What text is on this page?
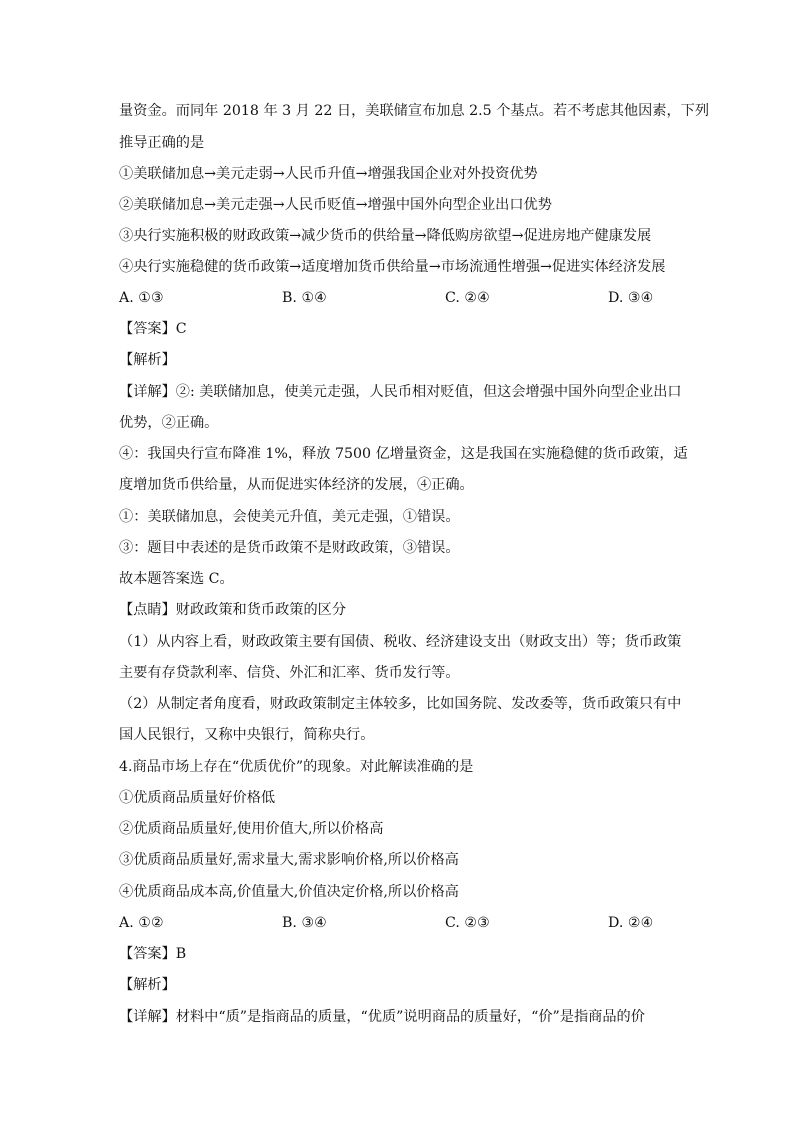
量资金。而同年 2018 年 3 月 22 日，美联储宣布加息 2.5 个基点。若不考虑其他因素，下列
推导正确的是
①美联储加息→美元走弱→人民币升值→增强我国企业对外投资优势
②美联储加息→美元走强→人民币贬值→增强中国外向型企业出口优势
③央行实施积极的财政政策→减少货币的供给量→降低购房欲望→促进房地产健康发展
④央行实施稳健的货币政策→适度增加货币供给量→市场流通性增强→促进实体经济发展
A. ①③	B. ①④	C. ②④	D. ③④
【答案】C
【解析】
【详解】②: 美联储加息，使美元走强，人民币相对贬值，但这会增强中国外向型企业出口
优势，②正确。
④：我国央行宣布降准 1%，释放 7500 亿增量资金，这是我国在实施稳健的货币政策，适
度增加货币供给量，从而促进实体经济的发展，④正确。
①：美联储加息，会使美元升值，美元走强，①错误。
③：题目中表述的是货币政策不是财政政策，③错误。
故本题答案选 C。
【点睛】财政政策和货币政策的区分
（1）从内容上看，财政政策主要有国债、税收、经济建设支出（财政支出）等；货币政策
主要有存贷款利率、信贷、外汇和汇率、货币发行等。
（2）从制定者角度看，财政政策制定主体较多，比如国务院、发改委等，货币政策只有中
国人民银行，又称中央银行，简称央行。
4.商品市场上存在“优质优价”的现象。对此解读准确的是
①优质商品质量好价格低
②优质商品质量好,使用价值大,所以价格高
③优质商品质量好,需求量大,需求影响价格,所以价格高
④优质商品成本高,价值量大,价值决定价格,所以价格高
A. ①②	B. ③④	C. ②③	D. ②④
【答案】B
【解析】
【详解】材料中“质”是指商品的质量，“优质”说明商品的质量好，“价”是指商品的价
